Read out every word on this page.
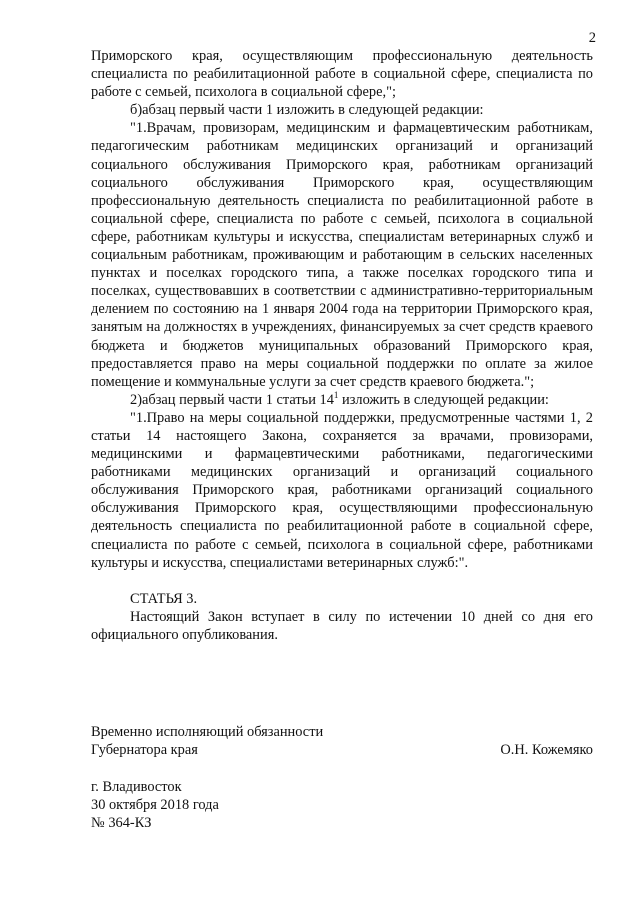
2

Приморского края, осуществляющим профессиональную деятельность специалиста по реабилитационной работе в социальной сфере, специалиста по работе с семьей, психолога в социальной сфере,";

б)абзац первый части 1 изложить в следующей редакции:

"1.Врачам, провизорам, медицинским и фармацевтическим работникам, педагогическим работникам медицинских организаций и организаций социального обслуживания Приморского края, работникам организаций социального обслуживания Приморского края, осуществляющим профессиональную деятельность специалиста по реабилитационной работе в социальной сфере, специалиста по работе с семьей, психолога в социальной сфере, работникам культуры и искусства, специалистам ветеринарных служб и социальным работникам, проживающим и работающим в сельских населенных пунктах и поселках городского типа, а также поселках городского типа и поселках, существовавших в соответствии с административно-территориальным делением по состоянию на 1 января 2004 года на территории Приморского края, занятым на должностях в учреждениях, финансируемых за счет средств краевого бюджета и бюджетов муниципальных образований Приморского края, предоставляется право на меры социальной поддержки по оплате за жилое помещение и коммунальные услуги за счет средств краевого бюджета.";

2)абзац первый части 1 статьи $14^1$ изложить в следующей редакции:

"1.Право на меры социальной поддержки, предусмотренные частями 1, 2 статьи 14 настоящего Закона, сохраняется за врачами, провизорами, медицинскими и фармацевтическими работниками, педагогическими работниками медицинских организаций и организаций социального обслуживания Приморского края, работниками организаций социального обслуживания Приморского края, осуществляющими профессиональную деятельность специалиста по реабилитационной работе в социальной сфере, специалиста по работе с семьей, психолога в социальной сфере, работниками культуры и искусства, специалистами ветеринарных служб:".

СТАТЬЯ 3.

Настоящий Закон вступает в силу по истечении 10 дней со дня его официального опубликования.

Временно исполняющий обязанности
Губернатора края	О.Н. Кожемяко
г. Владивосток
30 октября 2018 года
№ 364-КЗ
